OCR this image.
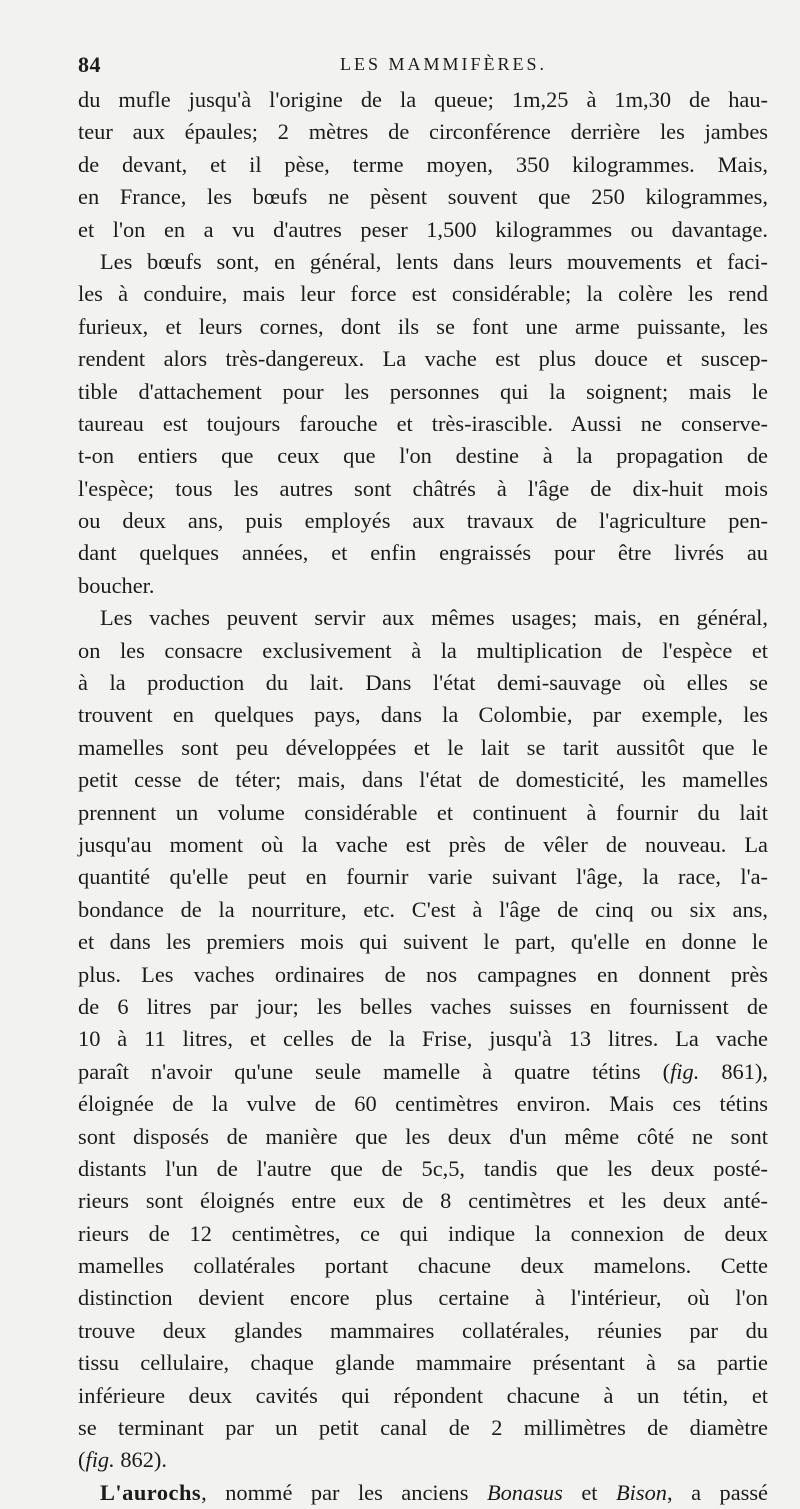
84	LES MAMMIFÈRES.
du mufle jusqu'à l'origine de la queue; 1m,25 à 1m,30 de hau-
teur aux épaules; 2 mètres de circonférence derrière les jambes
de devant, et il pèse, terme moyen, 350 kilogrammes. Mais,
en France, les bœufs ne pèsent souvent que 250 kilogrammes,
et l'on en a vu d'autres peser 1,500 kilogrammes ou davantage.
Les bœufs sont, en général, lents dans leurs mouvements et faci-
les à conduire, mais leur force est considérable; la colère les rend
furieux, et leurs cornes, dont ils se font une arme puissante, les
rendent alors très-dangereux. La vache est plus douce et suscep-
tible d'attachement pour les personnes qui la soignent; mais le
taureau est toujours farouche et très-irascible. Aussi ne conserve-
t-on entiers que ceux que l'on destine à la propagation de
l'espèce; tous les autres sont châtrés à l'âge de dix-huit mois
ou deux ans, puis employés aux travaux de l'agriculture pen-
dant quelques années, et enfin engraissés pour être livrés au
boucher.
Les vaches peuvent servir aux mêmes usages; mais, en général,
on les consacre exclusivement à la multiplication de l'espèce et
à la production du lait. Dans l'état demi-sauvage où elles se
trouvent en quelques pays, dans la Colombie, par exemple, les
mamelles sont peu développées et le lait se tarit aussitôt que le
petit cesse de téter; mais, dans l'état de domesticité, les mamelles
prennent un volume considérable et continuent à fournir du lait
jusqu'au moment où la vache est près de vêler de nouveau. La
quantité qu'elle peut en fournir varie suivant l'âge, la race, l'a-
bondance de la nourriture, etc. C'est à l'âge de cinq ou six ans,
et dans les premiers mois qui suivent le part, qu'elle en donne le
plus. Les vaches ordinaires de nos campagnes en donnent près
de 6 litres par jour; les belles vaches suisses en fournissent de
10 à 11 litres, et celles de la Frise, jusqu'à 13 litres. La vache
paraît n'avoir qu'une seule mamelle à quatre tétins (fig. 861),
éloignée de la vulve de 60 centimètres environ. Mais ces tétins
sont disposés de manière que les deux d'un même côté ne sont
distants l'un de l'autre que de 5c,5, tandis que les deux posté-
rieurs sont éloignés entre eux de 8 centimètres et les deux anté-
rieurs de 12 centimètres, ce qui indique la connexion de deux
mamelles collatérales portant chacune deux mamelons. Cette
distinction devient encore plus certaine à l'intérieur, où l'on
trouve deux glandes mammaires collatérales, réunies par du
tissu cellulaire, chaque glande mammaire présentant à sa partie
inférieure deux cavités qui répondent chacune à un tétin, et
se terminant par un petit canal de 2 millimètres de diamètre
(fig. 862).
L'aurochs, nommé par les anciens Bonasus et Bison, a passé
